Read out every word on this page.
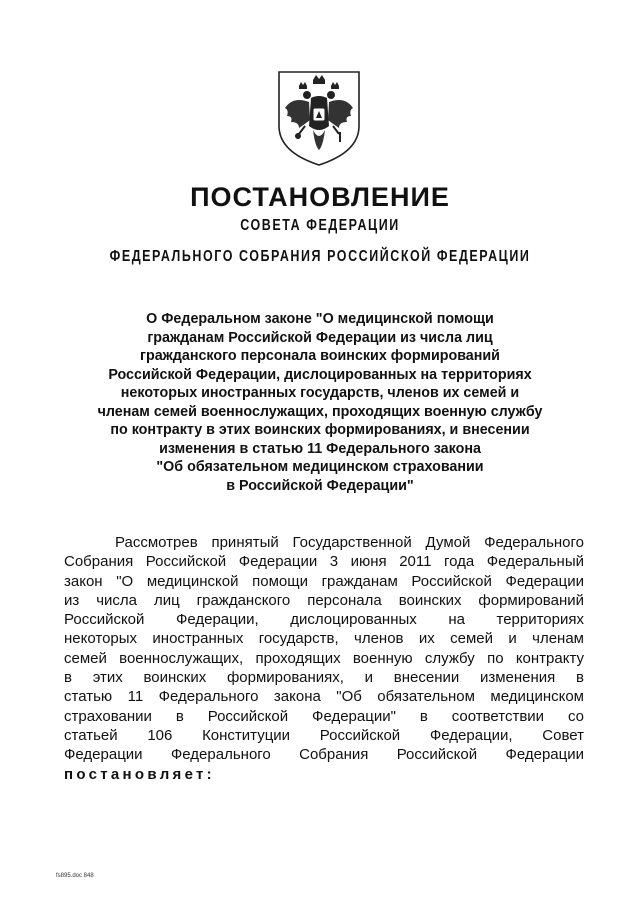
ПОСТАНОВЛЕНИЕ
СОВЕТА ФЕДЕРАЦИИ
ФЕДЕРАЛЬНОГО СОБРАНИЯ РОССИЙСКОЙ ФЕДЕРАЦИИ

О Федеральном законе "О медицинской помощи
гражданам Российской Федерации из числа лиц
гражданского персонала воинских формирований
Российской Федерации, дислоцированных на территориях
некоторых иностранных государств, членов их семей и
членам семей военнослужащих, проходящих военную службу
по контракту в этих воинских формированиях, и внесении
изменения в статью 11 Федерального закона
"Об обязательном медицинском страховании
в Российской Федерации"

Рассмотрев принятый Государственной Думой Федерального
Собрания Российской Федерации 3 июня 2011 года Федеральный
закон "О медицинской помощи гражданам Российской Федерации
из числа лиц гражданского персонала воинских формирований
Российской Федерации, дислоцированных на территориях
некоторых иностранных государств, членов их семей и членам
семей военнослужащих, проходящих военную службу по контракту
в этих воинских формированиях, и внесении изменения в
статью 11 Федерального закона "Об обязательном медицинском
страховании в Российской Федерации" в соответствии со
статьей 106 Конституции Российской Федерации, Совет
Федерации Федерального Собрания Российской Федерации
постановляет:

fs895.doc 848
